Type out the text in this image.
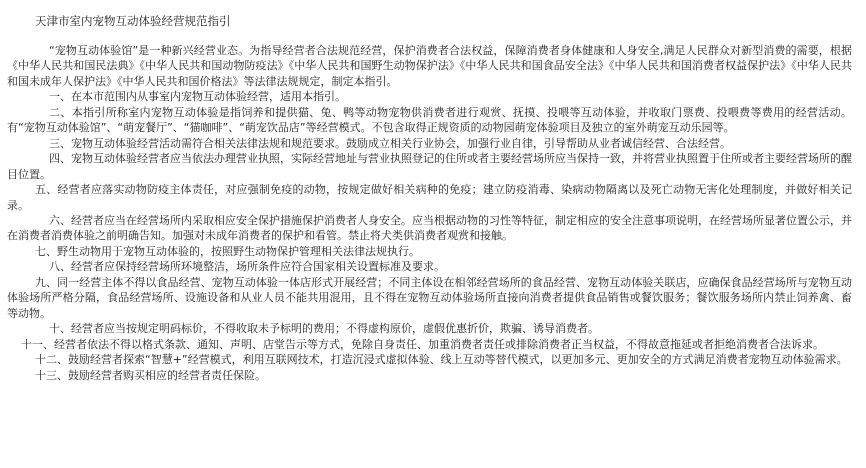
天津市室内宠物互动体验经营规范指引

“宠物互动体验馆”是一种新兴经营业态。为指导经营者合法规范经营，保护消费者合法权益，保障消费者身体健康和人身安全,满足人民群众对新型消费的需要，根据《中华人民共和国民法典》《中华人民共和国动物防疫法》《中华人民共和国野生动物保护法》《中华人民共和国食品安全法》《中华人民共和国消费者权益保护法》《中华人民共和国未成年人保护法》《中华人民共和国价格法》等法律法规规定，制定本指引。

一、在本市范围内从事室内宠物互动体验经营，适用本指引。

二、本指引所称室内宠物互动体验是指饲养和提供猫、兔、鸭等动物宠物供消费者进行观赏、抚摸、投喂等互动体验，并收取门票费、投喂费等费用的经营活动。有“宠物互动体验馆”、“萌宠餐厅”、“猫咖啡”、“萌宠饮品店”等经营模式。不包含取得正规资质的动物园萌宠体验项目及独立的室外萌宠互动乐园等。

三、宠物互动体验经营活动需符合相关法律法规和规范要求。鼓励成立相关行业协会，加强行业自律，引导帮助从业者诚信经营、合法经营。

四、宠物互动体验经营者应当依法办理营业执照，实际经营地址与营业执照登记的住所或者主要经营场所应当保持一致，并将营业执照置于住所或者主要经营场所的醒目位置。

五、经营者应落实动物防疫主体责任，对应强制免疫的动物，按规定做好相关病种的免疫；建立防疫消毒、染病动物隔离以及死亡动物无害化处理制度，并做好相关记录。

六、经营者应当在经营场所内采取相应安全保护措施保护消费者人身安全。应当根据动物的习性等特征，制定相应的安全注意事项说明，在经营场所显著位置公示，并在消费者消费体验之前明确告知。加强对未成年消费者的保护和看管。禁止将犬类供消费者观赏和接触。

七、野生动物用于宠物互动体验的，按照野生动物保护管理相关法律法规执行。

八、经营者应保持经营场所环境整洁，场所条件应符合国家相关设置标准及要求。

九、同一经营主体不得以食品经营、宠物互动体验一体店形式开展经营；不同主体设在相邻经营场所的食品经营、宠物互动体验关联店，应确保食品经营场所与宠物互动体验场所严格分隔，食品经营场所、设施设备和从业人员不能共用混用，且不得在宠物互动体验场所直接向消费者提供食品销售或餐饮服务；餐饮服务场所内禁止饲养禽、畜等动物。

十、经营者应当按规定明码标价，不得收取未予标明的费用；不得虚构原价，虚假优惠折价，欺骗、诱导消费者。

十一、经营者依法不得以格式条款、通知、声明、店堂告示等方式，免除自身责任、加重消费者责任或排除消费者正当权益，不得故意拖延或者拒绝消费者合法诉求。

十二、鼓励经营者探索“智慧+”经营模式，利用互联网技术，打造沉浸式虚拟体验、线上互动等替代模式，以更加多元、更加安全的方式满足消费者宠物互动体验需求。

十三、鼓励经营者购买相应的经营者责任保险。
